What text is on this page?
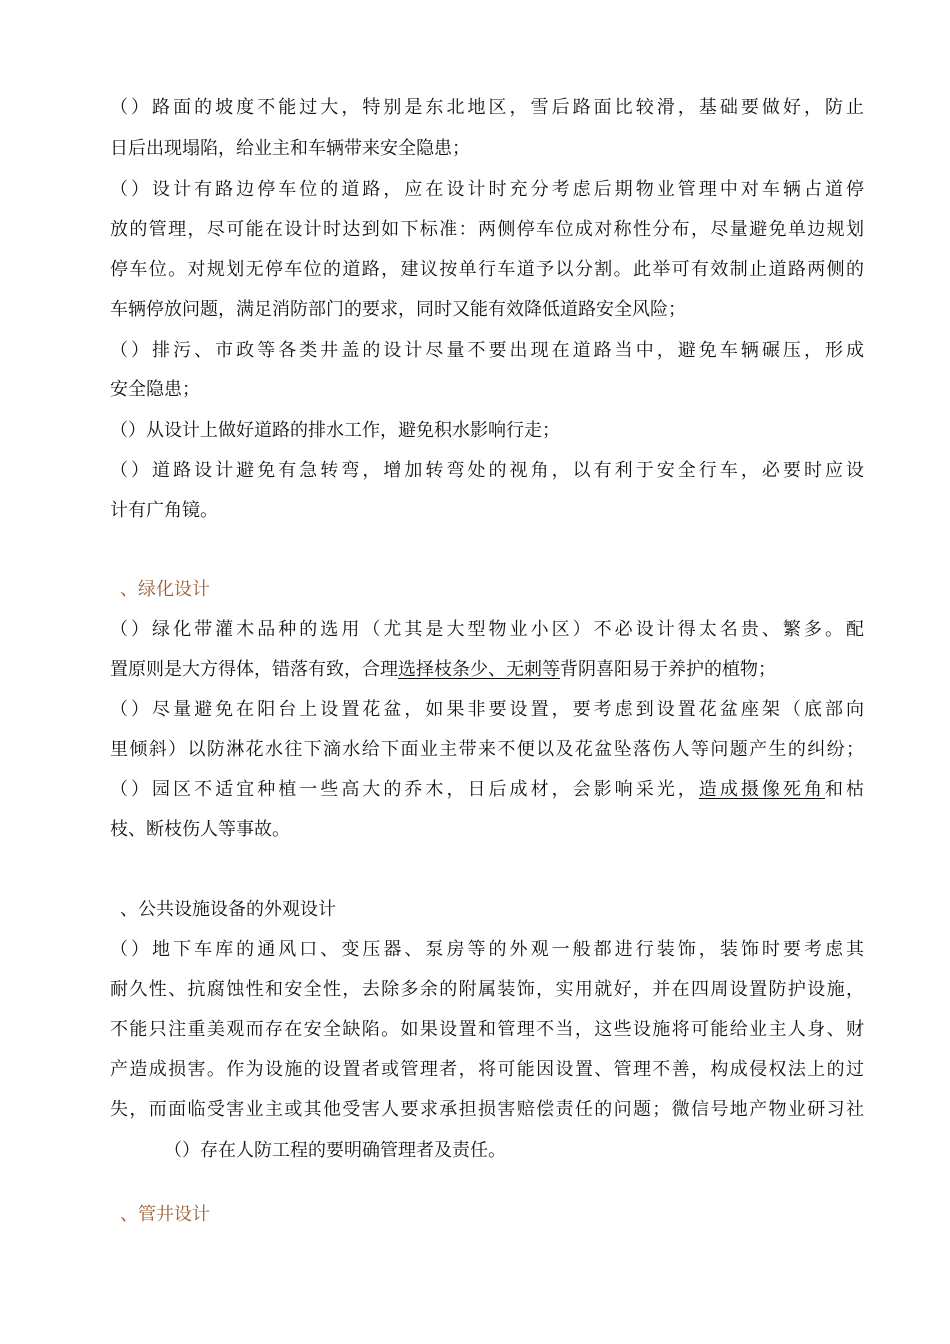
（）路面的坡度不能过大，特别是东北地区，雪后路面比较滑，基础要做好，防止
日后出现塌陷，给业主和车辆带来安全隐患；
（）设计有路边停车位的道路，应在设计时充分考虑后期物业管理中对车辆占道停
放的管理，尽可能在设计时达到如下标准：两侧停车位成对称性分布，尽量避免单边规划
停车位。对规划无停车位的道路，建议按单行车道予以分割。此举可有效制止道路两侧的
车辆停放问题，满足消防部门的要求，同时又能有效降低道路安全风险；
（）排污、市政等各类井盖的设计尽量不要出现在道路当中，避免车辆碾压，形成
安全隐患；
（）从设计上做好道路的排水工作，避免积水影响行走；
（）道路设计避免有急转弯，增加转弯处的视角，以有利于安全行车，必要时应设
计有广角镜。
、绿化设计
（）绿化带灌木品种的选用（尤其是大型物业小区）不必设计得太名贵、繁多。配
置原则是大方得体，错落有致，合理选择枝条少、无刺等背阴喜阳易于养护的植物；
（）尽量避免在阳台上设置花盆，如果非要设置，要考虑到设置花盆座架（底部向
里倾斜）以防淋花水往下滴水给下面业主带来不便以及花盆坠落伤人等问题产生的纠纷；
（）园区不适宜种植一些高大的乔木，日后成材，会影响采光，造成摄像死角和枯
枝、断枝伤人等事故。
、公共设施设备的外观设计
（）地下车库的通风口、变压器、泵房等的外观一般都进行装饰，装饰时要考虑其
耐久性、抗腐蚀性和安全性，去除多余的附属装饰，实用就好，并在四周设置防护设施，
不能只注重美观而存在安全缺陷。如果设置和管理不当，这些设施将可能给业主人身、财
产造成损害。作为设施的设置者或管理者，将可能因设置、管理不善，构成侵权法上的过
失，而面临受害业主或其他受害人要求承担损害赔偿责任的问题；微信号地产物业研习社
（）存在人防工程的要明确管理者及责任。
、管井设计
